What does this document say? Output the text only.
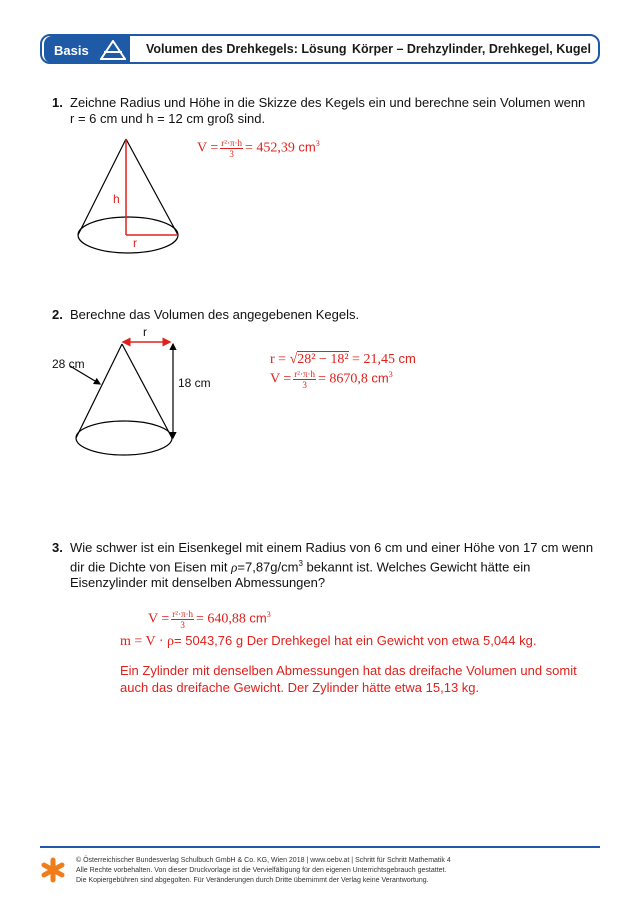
Basis	Volumen des Drehkegels: Lösung Körper – Drehzylinder, Drehkegel, Kugel
1. Zeichne Radius und Höhe in die Skizze des Kegels ein und berechne sein Volumen wenn r = 6 cm und h = 12 cm groß sind.
h
r
$V = \frac{\text{r²·π·h}}{3} = 452,39$ $cm^3$
2. Berechne das Volumen des angegebenen Kegels.
r
28 cm
18 cm
r = √28² − 18² = 21,45 cm
$V = \frac{\text{r²·π·h}}{3} = 8670,8$ $cm^3$
3. Wie schwer ist ein Eisenkegel mit einem Radius von 6 cm und einer Höhe von 17 cm wenn
dir die Dichte von Eisen mit $\rho=7,87g/cm^3$ bekannt ist. Welches Gewicht hätte ein
Eisenzylinder mit denselben Abmessungen?
$V = \frac{\text{r²·π·h}}{3} = 640,88$ $cm^3$
m = V · ρ= 5043,76 g Der Drehkegel hat ein Gewicht von etwa 5,044 kg.
Ein Zylinder mit denselben Abmessungen hat das dreifache Volumen und somit
auch das dreifache Gewicht. Der Zylinder hätte etwa 15,13 kg.
© Österreichischer Bundesverlag Schulbuch GmbH & Co. KG, Wien 2018 | www.oebv.at | Schritt für Schritt Mathematik 4
Alle Rechte vorbehalten. Von dieser Druckvorlage ist die Vervielfältigung für den eigenen Unterrichtsgebrauch gestattet.
Die Kopiergebühren sind abgegolten. Für Veränderungen durch Dritte übernimmt der Verlag keine Verantwortung.
